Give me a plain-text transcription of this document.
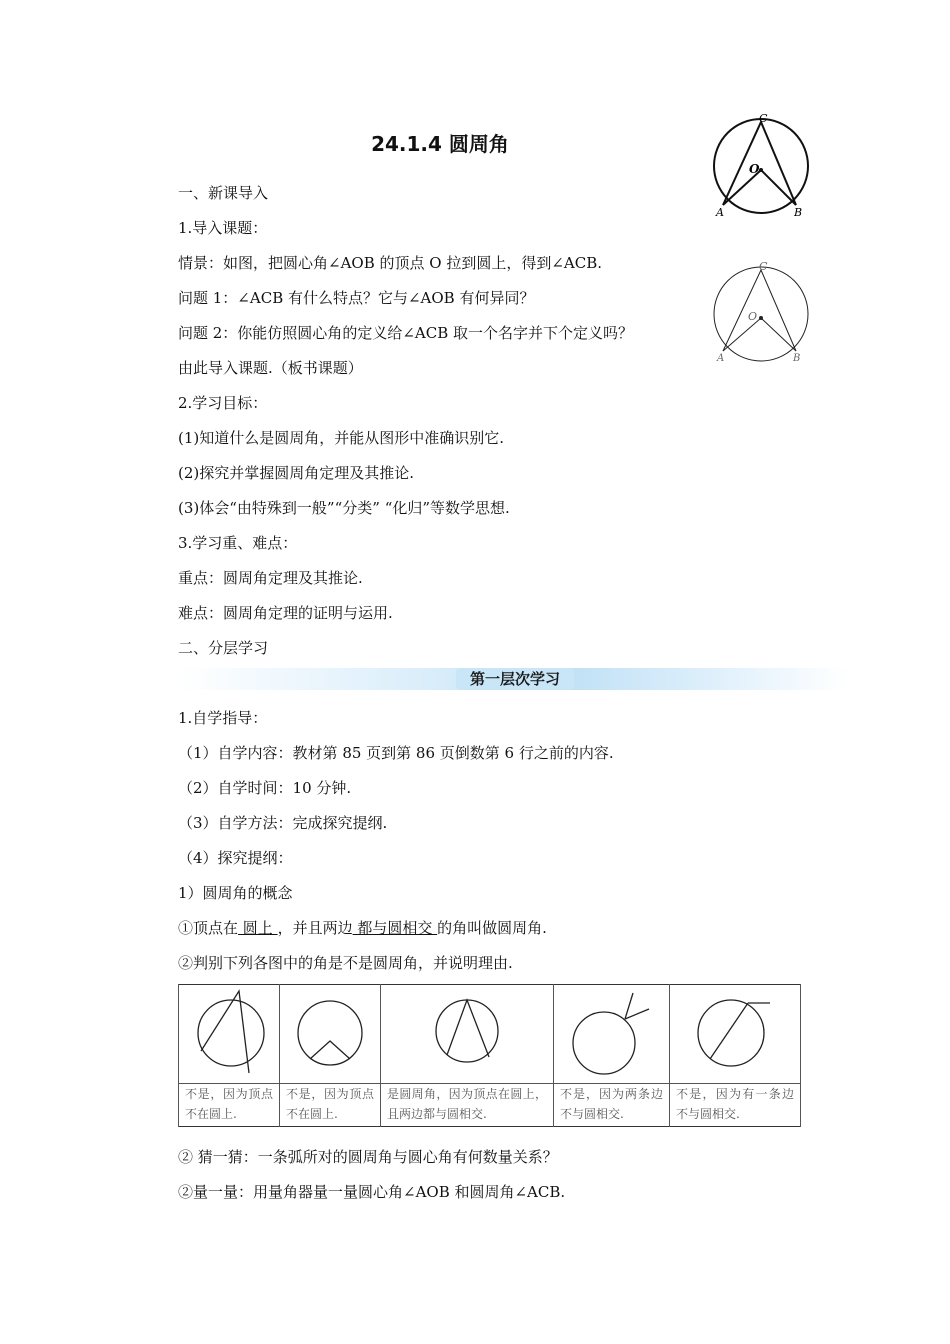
24.1.4 圆周角
C
O
A	B
C
O
A	B
一、新课导入
1.导入课题：
情景：如图，把圆心角∠AOB 的顶点 O 拉到圆上，得到∠ACB.
问题 1：∠ACB 有什么特点？它与∠AOB 有何异同？
问题 2：你能仿照圆心角的定义给∠ACB 取一个名字并下个定义吗？
由此导入课题.（板书课题）
2.学习目标：
(1)知道什么是圆周角，并能从图形中准确识别它.
(2)探究并掌握圆周角定理及其推论.
(3)体会“由特殊到一般”“分类” “化归”等数学思想.
3.学习重、难点：
重点：圆周角定理及其推论.
难点：圆周角定理的证明与运用.
二、分层学习
第一层次学习
1.自学指导：
（1）自学内容：教材第 85 页到第 86 页倒数第 6 行之前的内容.
（2）自学时间：10 分钟.
（3）自学方法：完成探究提纲.
（4）探究提纲：
1）圆周角的概念
①顶点在 圆上 ，并且两边 都与圆相交 的角叫做圆周角.
②判别下列各图中的角是不是圆周角，并说明理由.

不是，因为顶点不在圆上.	不是，因为顶点不在圆上.	是圆周角，因为顶点在圆上，且两边都与圆相交.	不是，因为两条边不与圆相交.	不是，因为有一条边不与圆相交.
② 猜一猜：一条弧所对的圆周角与圆心角有何数量关系？
②量一量：用量角器量一量圆心角∠AOB 和圆周角∠ACB.
